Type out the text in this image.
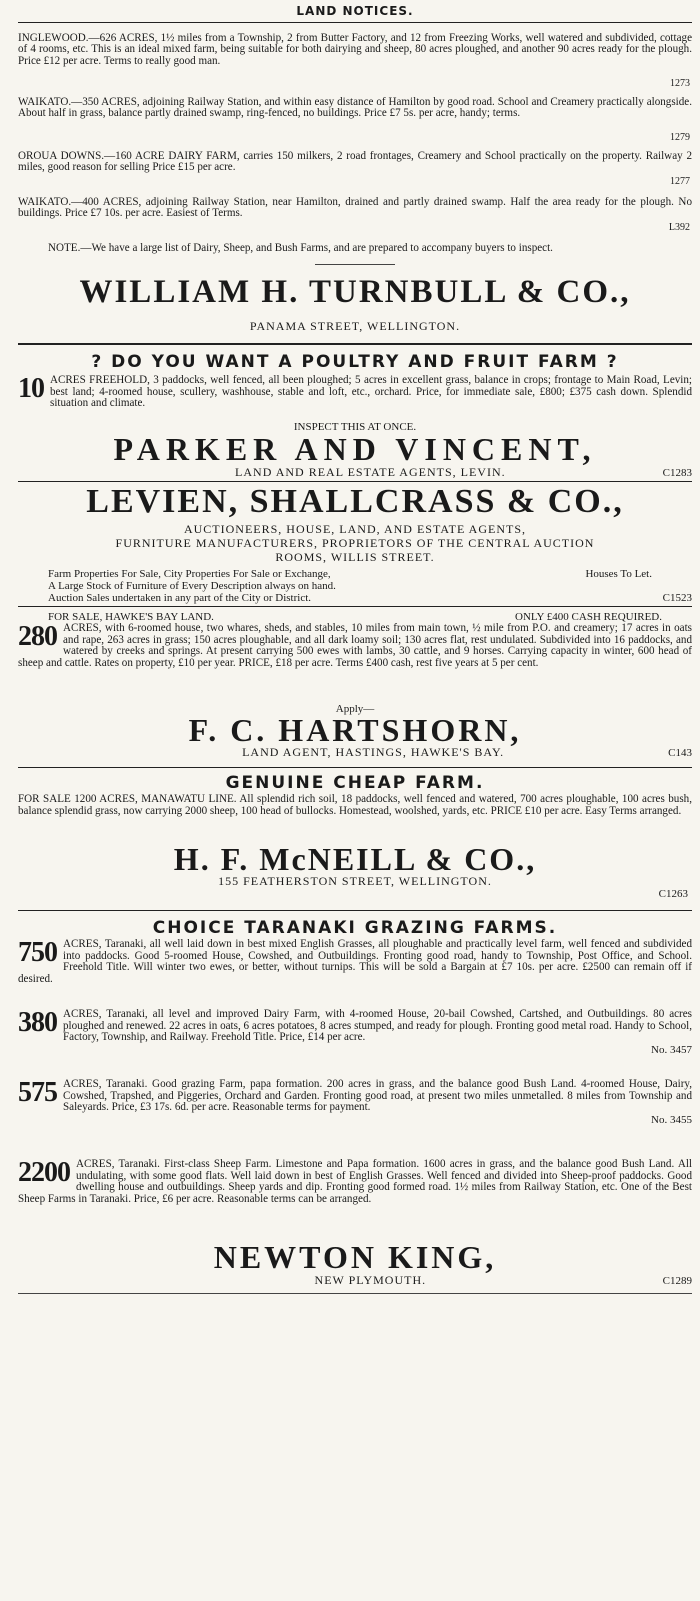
LAND NOTICES.

INGLEWOOD.—626 ACRES, 1½ miles from a Township, 2 from Butter Factory, and 12 from Freezing Works, well watered and subdivided, cottage of 4 rooms, etc. This is an ideal mixed farm, being suitable for both dairying and sheep, 80 acres ploughed, and another 90 acres ready for the plough. Price £12 per acre. Terms to really good man.
1273

WAIKATO.—350 ACRES, adjoining Railway Station, and within easy distance of Hamilton by good road. School and Creamery practically alongside. About half in grass, balance partly drained swamp, ring-fenced, no buildings. Price £7 5s. per acre, handy; terms.
1279

OROUA DOWNS.—160 ACRE DAIRY FARM, carries 150 milkers, 2 road frontages, Creamery and School practically on the property. Railway 2 miles, good reason for selling Price £15 per acre.
1277

WAIKATO.—400 ACRES, adjoining Railway Station, near Hamilton, drained and partly drained swamp. Half the area ready for the plough. No buildings. Price £7 10s. per acre. Easiest of Terms.
L392

NOTE.—We have a large list of Dairy, Sheep, and Bush Farms, and are prepared to accompany buyers to inspect.

WILLIAM H. TURNBULL & CO.,
PANAMA STREET, WELLINGTON.
? DO YOU WANT A POULTRY AND FRUIT FARM ?
10 ACRES FREEHOLD, 3 paddocks, well fenced, all been ploughed; 5 acres in excellent grass, balance in crops; frontage to Main Road, Levin; best land; 4-roomed house, scullery, washhouse, stable and loft, etc., orchard. Price, for immediate sale, £800; £375 cash down. Splendid situation and climate.

INSPECT THIS AT ONCE.
PARKER AND VINCENT,
LAND AND REAL ESTATE AGENTS, LEVIN.	C1283
LEVIEN, SHALLCRASS & CO.,
AUCTIONEERS, HOUSE, LAND, AND ESTATE AGENTS,
FURNITURE MANUFACTURERS, PROPRIETORS OF THE CENTRAL AUCTION
ROOMS, WILLIS STREET.
Farm Properties For Sale, City Properties For Sale or Exchange,	Houses To Let.
A Large Stock of Furniture of Every Description always on hand.
Auction Sales undertaken in any part of the City or District.	C1523
FOR SALE, HAWKE'S BAY LAND.	ONLY £400 CASH REQUIRED.
280 ACRES, with 6-roomed house, two whares, sheds, and stables, 10 miles from main town, ½ mile from P.O. and creamery; 17 acres in oats and rape, 263 acres in grass; 150 acres ploughable, and all dark loamy soil; 130 acres flat, rest undulated. Subdivided into 16 paddocks, and watered by creeks and springs. At present carrying 500 ewes with lambs, 30 cattle, and 9 horses. Carrying capacity in winter, 600 head of sheep and cattle. Rates on property, £10 per year. PRICE, £18 per acre. Terms £400 cash, rest five years at 5 per cent.

Apply—
F. C. HARTSHORN,
LAND AGENT, HASTINGS, HAWKE'S BAY.	C143
GENUINE CHEAP FARM.

FOR SALE 1200 ACRES, MANAWATU LINE. All splendid rich soil, 18 paddocks, well fenced and watered, 700 acres ploughable, 100 acres bush, balance splendid grass, now carrying 2000 sheep, 100 head of bullocks. Homestead, woolshed, yards, etc. PRICE £10 per acre. Easy Terms arranged.

H. F. McNEILL & CO.,
155 FEATHERSTON STREET, WELLINGTON.
C1263
CHOICE TARANAKI GRAZING FARMS.
750 ACRES, Taranaki, all well laid down in best mixed English Grasses, all ploughable and practically level farm, well fenced and subdivided into paddocks. Good 5-roomed House, Cowshed, and Outbuildings. Fronting good road, handy to Township, Post Office, and School. Freehold Title. Will winter two ewes, or better, without turnips. This will be sold a Bargain at £7 10s. per acre. £2500 can remain off if desired.

380 ACRES, Taranaki, all level and improved Dairy Farm, with 4-roomed House, 20-bail Cowshed, Cartshed, and Outbuildings. 80 acres ploughed and renewed. 22 acres in oats, 6 acres potatoes, 8 acres stumped, and ready for plough. Fronting good metal road. Handy to School, Factory, Township, and Railway. Freehold Title. Price, £14 per acre.

No. 3457
575 ACRES, Taranaki. Good grazing Farm, papa formation. 200 acres in grass, and the balance good Bush Land. 4-roomed House, Dairy, Cowshed, Trapshed, and Piggeries, Orchard and Garden. Fronting good road, at present two miles unmetalled. 8 miles from Township and Saleyards. Price, £3 17s. 6d. per acre. Reasonable terms for payment.

No. 3455
2200 ACRES, Taranaki. First-class Sheep Farm. Limestone and Papa formation. 1600 acres in grass, and the balance good Bush Land. All undulating, with some good flats. Well laid down in best of English Grasses. Well fenced and divided into Sheep-proof paddocks. Good dwelling house and outbuildings. Sheep yards and dip. Fronting good formed road. 1½ miles from Railway Station, etc. One of the Best Sheep Farms in Taranaki. Price, £6 per acre. Reasonable terms can be arranged.

NEWTON KING,
NEW PLYMOUTH.	C1289
